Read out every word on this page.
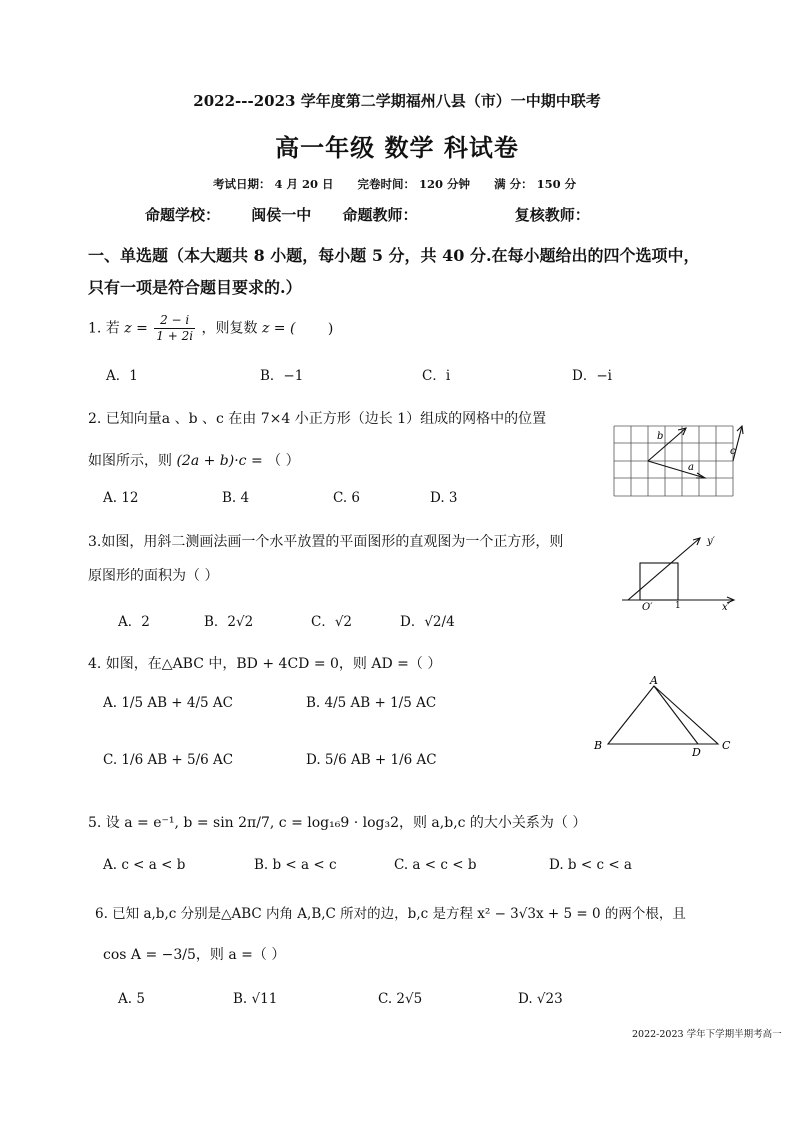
2022---2023 学年度第二学期福州八县（市）一中期中联考
高一年级 数学 科试卷
考试日期： 4 月 20 日 完卷时间： 120 分钟 满 分： 150 分
命题学校： 闽侯一中 命题教师：	复核教师：
一、单选题（本大题共 8 小题，每小题 5 分，共 40 分.在每小题给出的四个选项中，
只有一项是符合题目要求的.）
1. 若 $z = \frac{2 - i}{1 + 2i}$ ，则复数 z = ( )
A．1	B．−1	C．i	D．−i
2. 已知向量a 、b 、c 在由 7×4 小正方形（边长 1）组成的网格中的位置
如图所示，则 (2a + b)·c = （ ）
A. 12	B. 4	C. 6	D. 3
b
a
c
3.如图，用斜二测画法画一个水平放置的平面图形的直观图为一个正方形，则
原图形的面积为（ ）
A．2	B．2√2	C．√2	D．√2/4
y′
O′	1	x′
4. 如图，在△ABC 中，BD + 4CD = 0，则 AD =（ ）
A. 1/5 AB + 4/5 AC	B. 4/5 AB + 1/5 AC
C. 1/6 AB + 5/6 AC	D. 5/6 AB + 1/6 AC
A
B
D
C
5. 设 a = e⁻¹, b = sin 2π/7, c = log₁₆9 · log₃2，则 a,b,c 的大小关系为（ ）
A. c < a < b	B. b < a < c	C. a < c < b	D. b < c < a
6. 已知 a,b,c 分别是△ABC 内角 A,B,C 所对的边，b,c 是方程 x² − 3√3x + 5 = 0 的两个根，且
cos A = −3/5，则 a =（ ）
A. 5	B. √11	C. 2√5	D. √23
2022-2023 学年下学期半期考高一
